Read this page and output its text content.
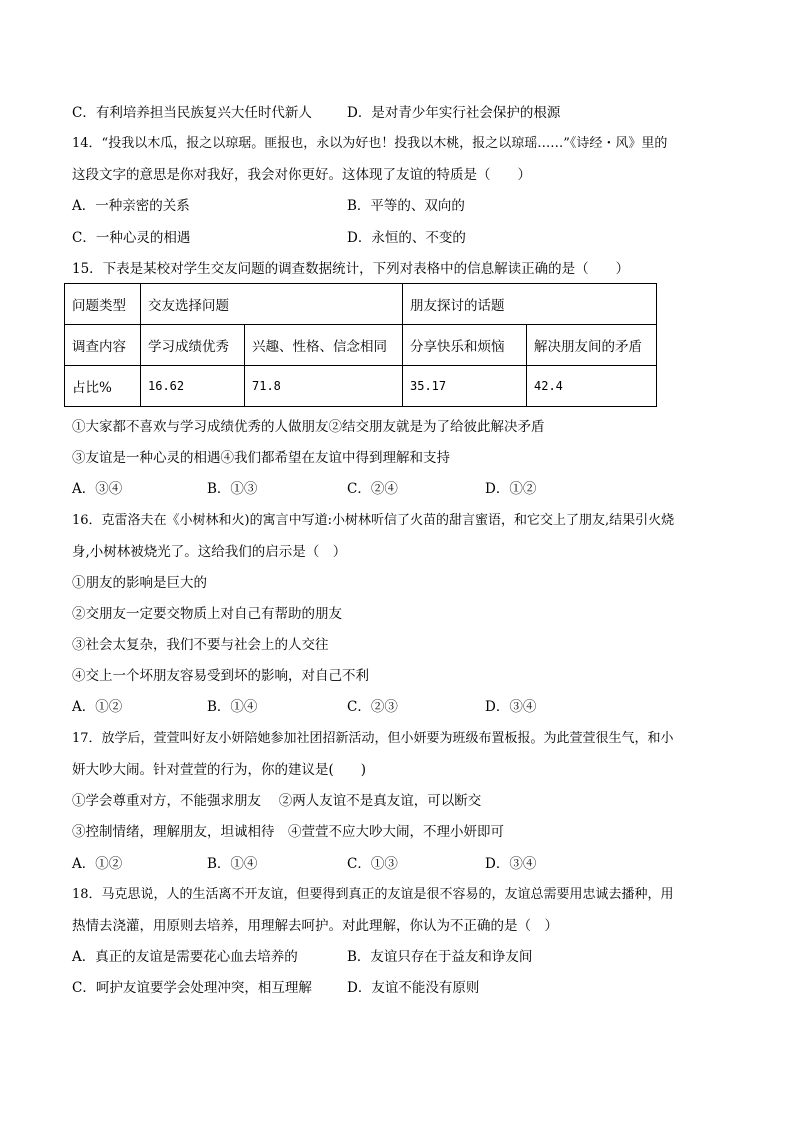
C．有利培养担当民族复兴大任时代新人	D．是对青少年实行社会保护的根源
14．“投我以木瓜，报之以琼琚。匪报也，永以为好也！投我以木桃，报之以琼瑶……”《诗经・风》里的
这段文字的意思是你对我好，我会对你更好。这体现了友谊的特质是（　　）
A．一种亲密的关系	B．平等的、双向的
C．一种心灵的相遇	D．永恒的、不变的
15．下表是某校对学生交友问题的调查数据统计，下列对表格中的信息解读正确的是（　　）
问题类型	交友选择问题		朋友探讨的话题	
调查内容	学习成绩优秀	兴趣、性格、信念相同	分享快乐和烦恼	解决朋友间的矛盾
占比%	16.62	71.8	35.17	42.4
①大家都不喜欢与学习成绩优秀的人做朋友②结交朋友就是为了给彼此解决矛盾
③友谊是一种心灵的相遇④我们都希望在友谊中得到理解和支持
A．③④	B．①③	C．②④	D．①②
16．克雷洛夫在《小树林和火)的寓言中写道:小树林听信了火苗的甜言蜜语，和它交上了朋友,结果引火烧
身,小树林被烧光了。这给我们的启示是（　）
①朋友的影响是巨大的
②交朋友一定要交物质上对自己有帮助的朋友
③社会太复杂，我们不要与社会上的人交往
④交上一个坏朋友容易受到坏的影响，对自己不利
A．①②	B．①④	C．②③	D．③④
17．放学后，萱萱叫好友小妍陪她参加社团招新活动，但小妍要为班级布置板报。为此萱萱很生气，和小
妍大吵大闹。针对萱萱的行为，你的建议是(　　)
①学会尊重对方，不能强求朋友　 ②两人友谊不是真友谊，可以断交
③控制情绪，理解朋友，坦诚相待　④萱萱不应大吵大闹，不理小妍即可
A．①②	B．①④	C．①③	D．③④
18．马克思说，人的生活离不开友谊，但要得到真正的友谊是很不容易的，友谊总需要用忠诚去播种，用
热情去浇灌，用原则去培养，用理解去呵护。对此理解，你认为不正确的是（　）
A．真正的友谊是需要花心血去培养的	B．友谊只存在于益友和诤友间
C．呵护友谊要学会处理冲突，相互理解	D．友谊不能没有原则
